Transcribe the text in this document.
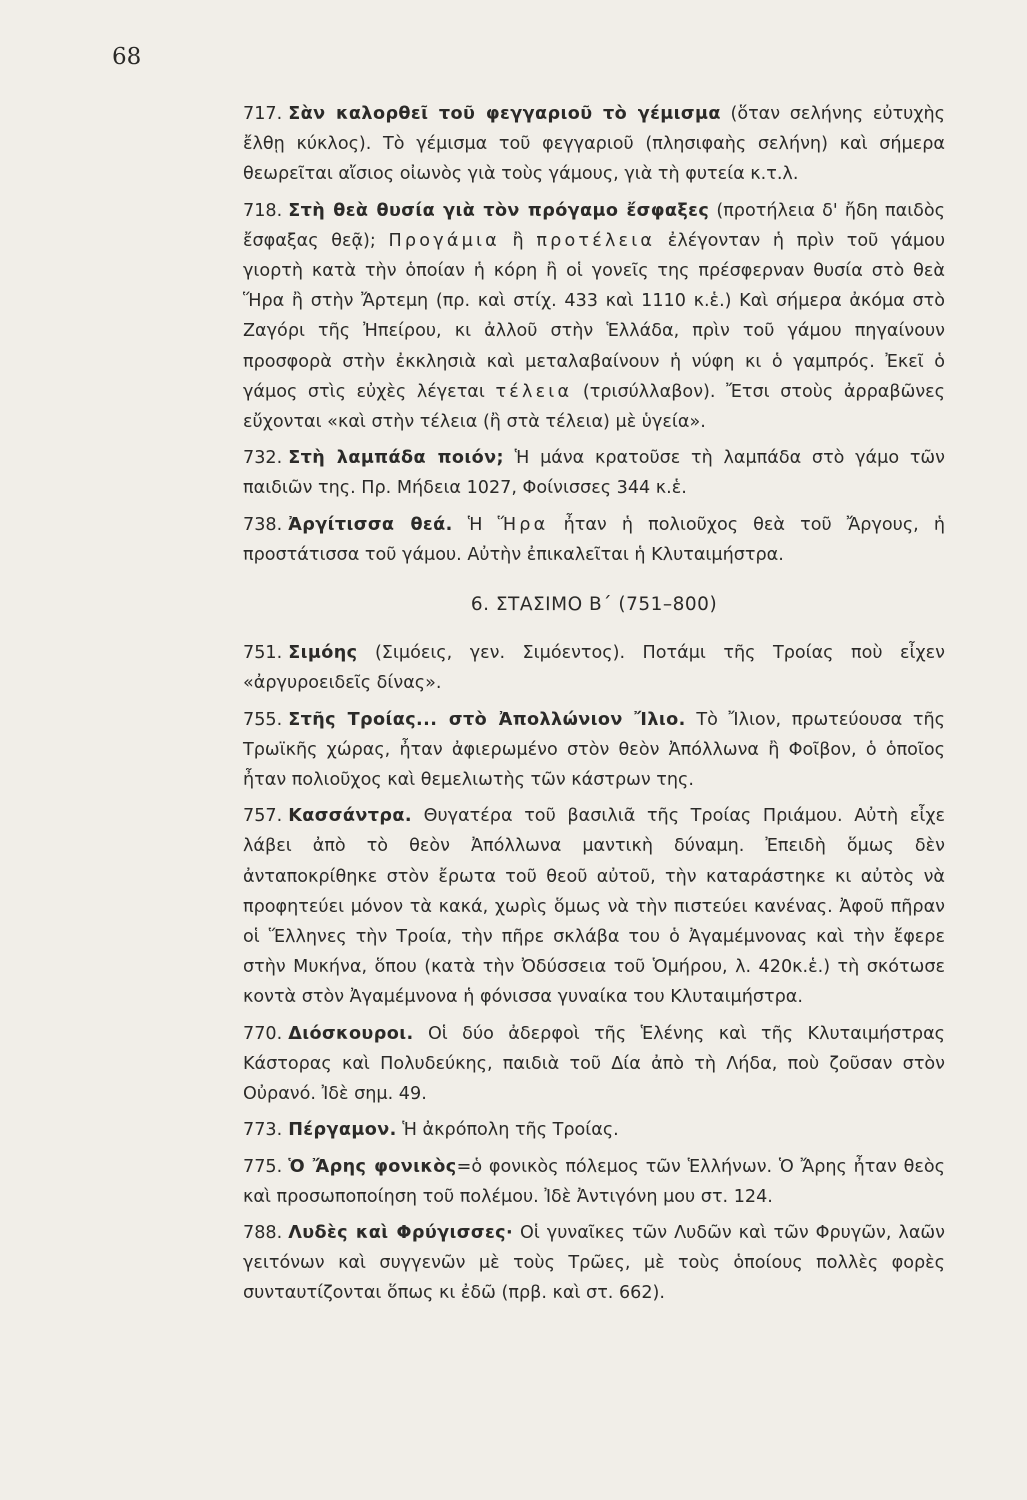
68

717. Σὰν καλορθεῖ τοῦ φεγγαριοῦ τὸ γέμισμα (ὅταν σελήνης εὐτυχὴς ἔλθῃ κύκλος). Τὸ γέμισμα τοῦ φεγγαριοῦ (πλησιφαὴς σελήνη) καὶ σήμερα θεωρεῖται αἴσιος οἰωνὸς γιὰ τοὺς γάμους, γιὰ τὴ φυτεία κ.τ.λ.

718. Στὴ θεὰ θυσία γιὰ τὸν πρόγαμο ἔσφαξες (προτήλεια δ' ἤδη παιδὸς ἔσφαξας θεᾷ); Προγάμια ἢ προτέλεια ἐλέγονταν ἡ πρὶν τοῦ γάμου γιορτὴ κατὰ τὴν ὁποίαν ἡ κόρη ἢ οἱ γονεῖς της πρέσφερναν θυσία στὸ θεὰ Ἥρα ἢ στὴν Ἄρτεμη (πρ. καὶ στίχ. 433 καὶ 1110 κ.ἑ.) Καὶ σήμερα ἀκόμα στὸ Ζαγόρι τῆς Ἠπείρου, κι ἀλλοῦ στὴν Ἑλλάδα, πρὶν τοῦ γάμου πηγαίνουν προσφορὰ στὴν ἐκκλησιὰ καὶ μεταλαβαίνουν ἡ νύφη κι ὁ γαμπρός. Ἐκεῖ ὁ γάμος στὶς εὐχὲς λέγεται τέλεια (τρισύλλαβον). Ἔτσι στοὺς ἀρραβῶνες εὔχονται «καὶ στὴν τέλεια (ἢ στὰ τέλεια) μὲ ὑγεία».

732. Στὴ λαμπάδα ποιόν; Ἡ μάνα κρατοῦσε τὴ λαμπάδα στὸ γάμο τῶν παιδιῶν της. Πρ. Μήδεια 1027, Φοίνισσες 344 κ.ἑ.

738. Ἀργίτισσα θεά. Ἡ Ἥρα ἦταν ἡ πολιοῦχος θεὰ τοῦ Ἄργους, ἡ προστάτισσα τοῦ γάμου. Αὐτὴν ἐπικαλεῖται ἡ Κλυταιμήστρα.

6. ΣΤΑΣΙΜΟ Β΄ (751–800)

751. Σιμόης (Σιμόεις, γεν. Σιμόεντος). Ποτάμι τῆς Τροίας ποὺ εἶχεν «ἀργυροειδεῖς δίνας».

755. Στῆς Τροίας... στὸ Ἀπολλώνιον Ἴλιο. Τὸ Ἴλιον, πρωτεύουσα τῆς Τρωϊκῆς χώρας, ἦταν ἀφιερωμένο στὸν θεὸν Ἀπόλλωνα ἢ Φοῖβον, ὁ ὁποῖος ἦταν πολιοῦχος καὶ θεμελιωτὴς τῶν κάστρων της.

757. Κασσάντρα. Θυγατέρα τοῦ βασιλιᾶ τῆς Τροίας Πριάμου. Αὐτὴ εἶχε λάβει ἀπὸ τὸ θεὸν Ἀπόλλωνα μαντικὴ δύναμη. Ἐπειδὴ ὅμως δὲν ἀνταποκρίθηκε στὸν ἔρωτα τοῦ θεοῦ αὐτοῦ, τὴν καταράστηκε κι αὐτὸς νὰ προφητεύει μόνον τὰ κακά, χωρὶς ὅμως νὰ τὴν πιστεύει κανένας. Ἀφοῦ πῆραν οἱ Ἕλληνες τὴν Τροία, τὴν πῆρε σκλάβα του ὁ Ἀγαμέμνονας καὶ τὴν ἔφερε στὴν Μυκήνα, ὅπου (κατὰ τὴν Ὀδύσσεια τοῦ Ὁμήρου, λ. 420κ.ἑ.) τὴ σκότωσε κοντὰ στὸν Ἀγαμέμνονα ἡ φόνισσα γυναίκα του Κλυταιμήστρα.

770. Διόσκουροι. Οἱ δύο ἀδερφοὶ τῆς Ἑλένης καὶ τῆς Κλυταιμήστρας Κάστορας καὶ Πολυδεύκης, παιδιὰ τοῦ Δία ἀπὸ τὴ Λήδα, ποὺ ζοῦσαν στὸν Οὐρανό. Ἰδὲ σημ. 49.

773. Πέργαμον. Ἡ ἀκρόπολη τῆς Τροίας.

775. Ὁ Ἄρης φονικὸς=ὁ φονικὸς πόλεμος τῶν Ἑλλήνων. Ὁ Ἄρης ἦταν θεὸς καὶ προσωποποίηση τοῦ πολέμου. Ἰδὲ Ἀντιγόνη μου στ. 124.

788. Λυδὲς καὶ Φρύγισσες· Οἱ γυναῖκες τῶν Λυδῶν καὶ τῶν Φρυγῶν, λαῶν γειτόνων καὶ συγγενῶν μὲ τοὺς Τρῶες, μὲ τοὺς ὁποίους πολλὲς φορὲς συνταυτίζονται ὅπως κι ἐδῶ (πρβ. καὶ στ. 662).
